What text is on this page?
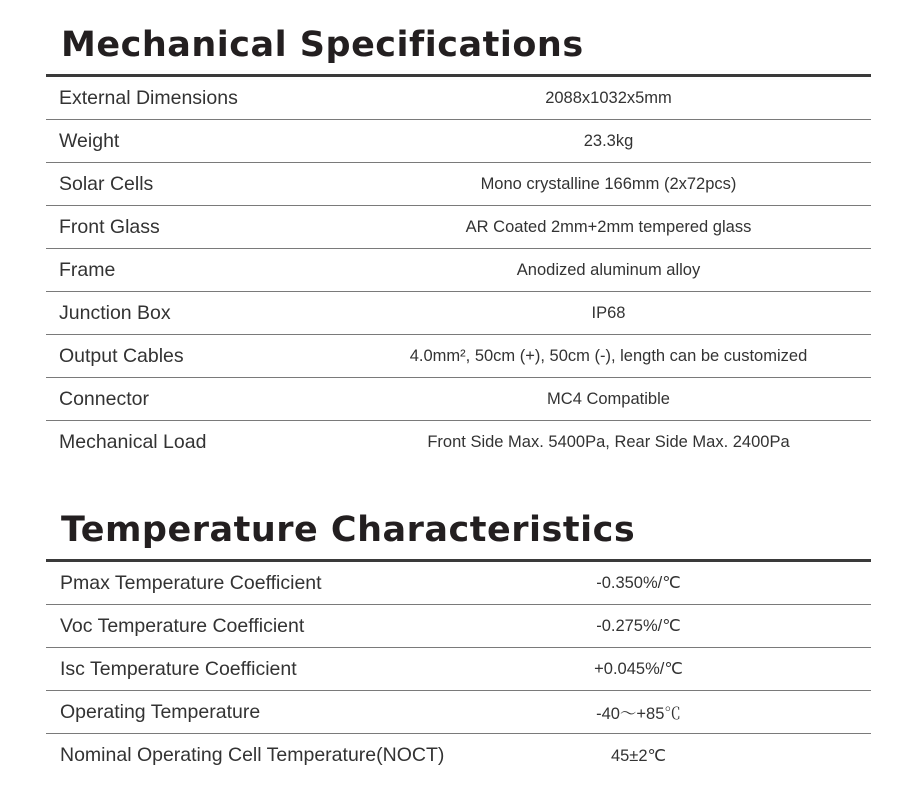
Mechanical Specifications
External Dimensions	2088x1032x5mm
Weight	23.3kg
Solar Cells	Mono crystalline 166mm (2x72pcs)
Front Glass	AR Coated 2mm+2mm tempered glass
Frame	Anodized aluminum alloy
Junction Box	IP68
Output Cables	4.0mm², 50cm (+), 50cm (-), length can be customized
Connector	MC4 Compatible
Mechanical Load	Front Side Max. 5400Pa, Rear Side Max. 2400Pa
Temperature Characteristics
Pmax Temperature Coefficient	-0.350%/℃
Voc Temperature Coefficient	-0.275%/℃
Isc Temperature Coefficient	+0.045%/℃
Operating Temperature	-40～+85℃
Nominal Operating Cell Temperature(NOCT)	45±2℃
